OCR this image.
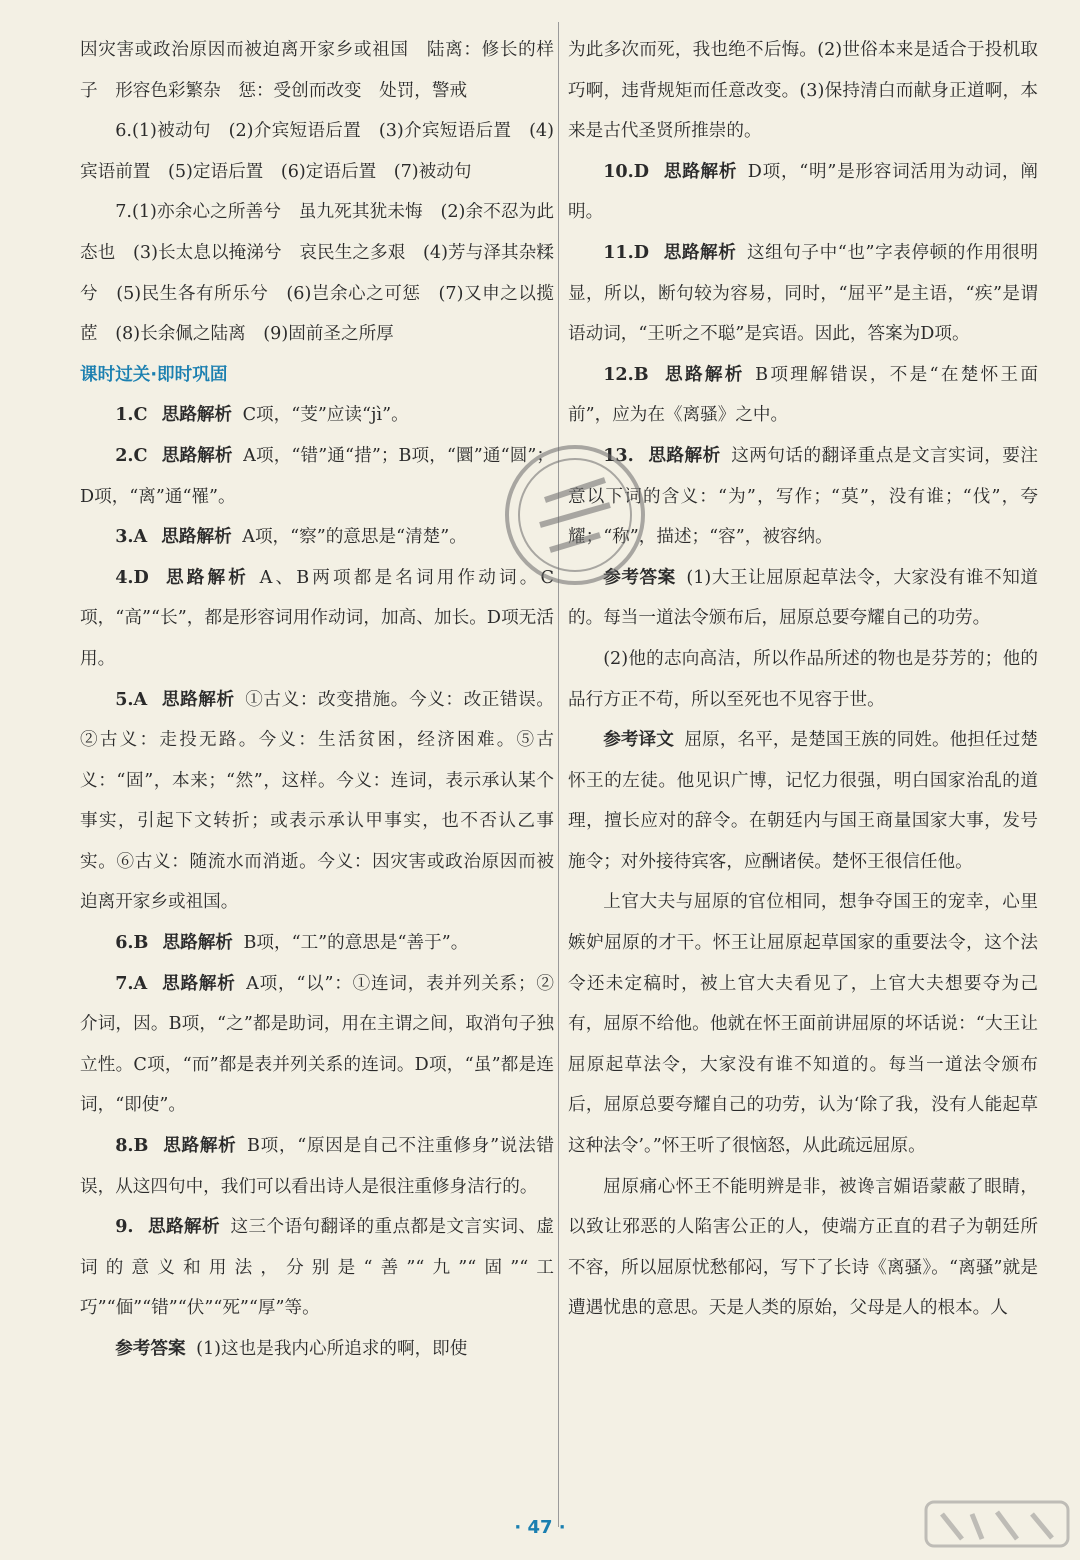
因灾害或政治原因而被迫离开家乡或祖国　陆离：修长的样子　形容色彩繁杂　惩：受创而改变　处罚，警戒

6.(1)被动句　(2)介宾短语后置　(3)介宾短语后置　(4)宾语前置　(5)定语后置　(6)定语后置　(7)被动句

7.(1)亦余心之所善兮　虽九死其犹未悔　(2)余不忍为此态也　(3)长太息以掩涕兮　哀民生之多艰　(4)芳与泽其杂糅兮　(5)民生各有所乐兮　(6)岂余心之可惩　(7)又申之以揽茝　(8)长余佩之陆离　(9)固前圣之所厚

课时过关·即时巩固

1.C 思路解析 C项，“芰”应读“jì”。

2.C 思路解析 A项，“错”通“措”；B项，“圜”通“圆”；D项，“离”通“罹”。

3.A 思路解析 A项，“察”的意思是“清楚”。

4.D 思路解析 A、B两项都是名词用作动词。C项，“高”“长”，都是形容词用作动词，加高、加长。D项无活用。

5.A 思路解析 ①古义：改变措施。今义：改正错误。②古义：走投无路。今义：生活贫困，经济困难。⑤古义：“固”，本来；“然”，这样。今义：连词，表示承认某个事实，引起下文转折；或表示承认甲事实，也不否认乙事实。⑥古义：随流水而消逝。今义：因灾害或政治原因而被迫离开家乡或祖国。

6.B 思路解析 B项，“工”的意思是“善于”。

7.A 思路解析 A项，“以”：①连词，表并列关系；②介词，因。B项，“之”都是助词，用在主谓之间，取消句子独立性。C项，“而”都是表并列关系的连词。D项，“虽”都是连词，“即使”。

8.B 思路解析 B项，“原因是自己不注重修身”说法错误，从这四句中，我们可以看出诗人是很注重修身洁行的。

9. 思路解析 这三个语句翻译的重点都是文言实词、虚词的意义和用法，分别是“善”“九”“固”“工巧”“偭”“错”“伏”“死”“厚”等。

参考答案 (1)这也是我内心所追求的啊，即使

为此多次而死，我也绝不后悔。(2)世俗本来是适合于投机取巧啊，违背规矩而任意改变。(3)保持清白而献身正道啊，本来是古代圣贤所推崇的。

10.D 思路解析 D项，“明”是形容词活用为动词，阐明。

11.D 思路解析 这组句子中“也”字表停顿的作用很明显，所以，断句较为容易，同时，“屈平”是主语，“疾”是谓语动词，“王听之不聪”是宾语。因此，答案为D项。

12.B 思路解析 B项理解错误，不是“在楚怀王面前”，应为在《离骚》之中。

13. 思路解析 这两句话的翻译重点是文言实词，要注意以下词的含义：“为”，写作；“莫”，没有谁；“伐”，夸耀；“称”，描述；“容”，被容纳。

参考答案 (1)大王让屈原起草法令，大家没有谁不知道的。每当一道法令颁布后，屈原总要夸耀自己的功劳。

(2)他的志向高洁，所以作品所述的物也是芬芳的；他的品行方正不苟，所以至死也不见容于世。

参考译文 屈原，名平，是楚国王族的同姓。他担任过楚怀王的左徒。他见识广博，记忆力很强，明白国家治乱的道理，擅长应对的辞令。在朝廷内与国王商量国家大事，发号施令；对外接待宾客，应酬诸侯。楚怀王很信任他。

上官大夫与屈原的官位相同，想争夺国王的宠幸，心里嫉妒屈原的才干。怀王让屈原起草国家的重要法令，这个法令还未定稿时，被上官大夫看见了，上官大夫想要夺为己有，屈原不给他。他就在怀王面前讲屈原的坏话说：“大王让屈原起草法令，大家没有谁不知道的。每当一道法令颁布后，屈原总要夸耀自己的功劳，认为‘除了我，没有人能起草这种法令’。”怀王听了很恼怒，从此疏远屈原。

屈原痛心怀王不能明辨是非，被谗言媚语蒙蔽了眼睛，以致让邪恶的人陷害公正的人，使端方正直的君子为朝廷所不容，所以屈原忧愁郁闷，写下了长诗《离骚》。“离骚”就是遭遇忧患的意思。天是人类的原始，父母是人的根本。人

· 47 ·
